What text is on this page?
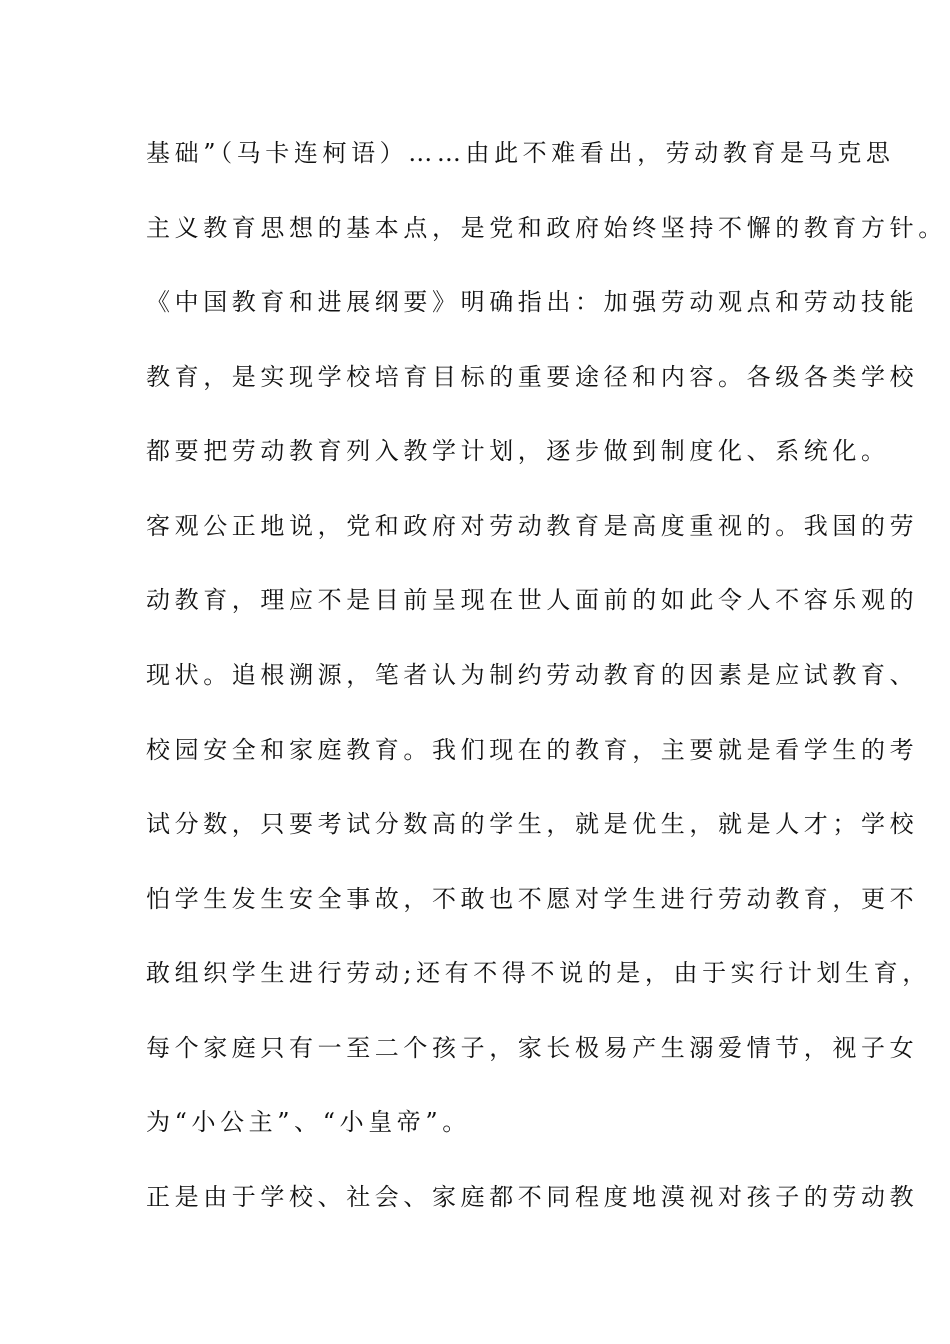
基础”（马卡连柯语）……由此不难看出，劳动教育是马克思
主义教育思想的基本点，是党和政府始终坚持不懈的教育方针。
《中国教育和进展纲要》明确指出：加强劳动观点和劳动技能
教育，是实现学校培育目标的重要途径和内容。各级各类学校
都要把劳动教育列入教学计划，逐步做到制度化、系统化。
客观公正地说，党和政府对劳动教育是高度重视的。我国的劳
动教育，理应不是目前呈现在世人面前的如此令人不容乐观的
现状。追根溯源，笔者认为制约劳动教育的因素是应试教育、
校园安全和家庭教育。我们现在的教育，主要就是看学生的考
试分数，只要考试分数高的学生，就是优生，就是人才；学校
怕学生发生安全事故，不敢也不愿对学生进行劳动教育，更不
敢组织学生进行劳动;还有不得不说的是，由于实行计划生育，
每个家庭只有一至二个孩子，家长极易产生溺爱情节，视子女
为“小公主”、“小皇帝”。
正是由于学校、社会、家庭都不同程度地漠视对孩子的劳动教
